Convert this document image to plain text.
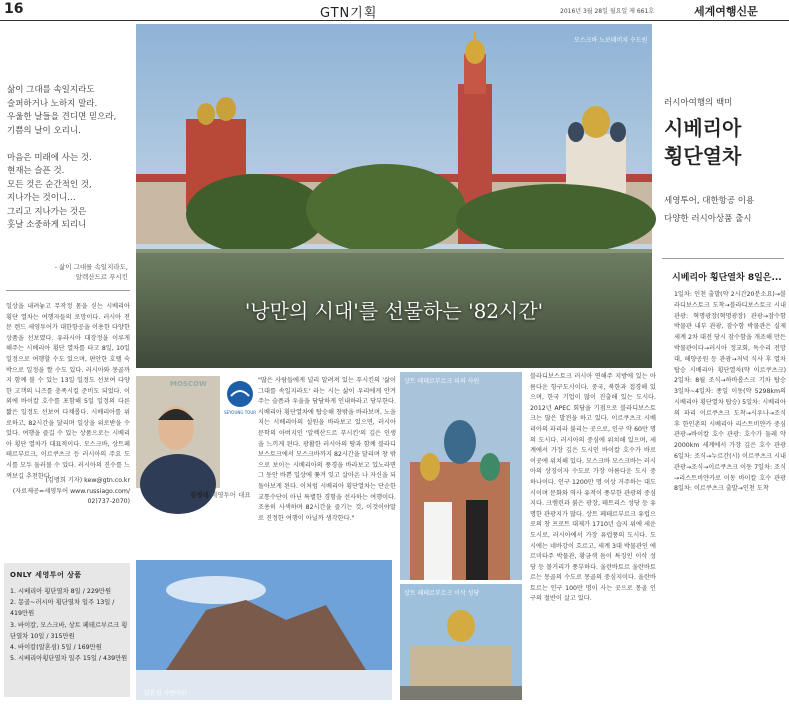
16	GTN기획	2016년 3월 28일 월요일 제 661호	세계여행신문
삶이 그대를 속일지라도
슬퍼하거나 노하지 말라.
우울한 날들을 견디면 믿으라,
기쁨의 날이 오리니.

마음은 미래에 사는 것.
현재는 슬픈 것.
모든 것은 순간적인 것,
지나가는 것이니…
그리고 지나가는 것은
훗날 소중하게 되리니
- 삶이 그대를 속일지라도,
알렉산드르 푸시킨
일상을 내려놓고 무작정 몸을 싣는 시베리아 횡단 열차는 여행자들의 로망이다. 러시아 전문 랜드 세영투어가 대한항공을 이용한 다양한 상품을 선보였다. 유라시아 대장정을 이루게 해주는 시베리아 횡단 열차를 타고 8일, 10일 일정으로 여행할 수도 있으며, 편안한 호텔 숙박으로 일정을 짤 수도 있다. 러시아와 몽골까지 함께 볼 수 있는 13일 일정도 선보여 다양한 고객의 니즈를 충족시킬 준비도 되었다. 이외에 바이칼 호수를 포함해 5일 일정의 다른 짧은 일정도 선보여 다채롭다. 시베리아를 위로하고, 82시간을 달리며 일상을 위로받을 수 있다. 여행을 즐길 수 있는 상품으로는 시베리아 횡단 열차가 대표적이다. 모스크바, 상트페테르부르크, 이르쿠츠크 등 러시아의 주요 도시를 모두 둘러볼 수 있다. 러시아의 진수를 느껴보길 추천한다.
(김명희 기자) kew@gtn.co.kr
(자료제공=세영투어 www.russiago.com/
02)737-2070)
모스크바 노보데비치 수도원
'낭만의 시대'를 선물하는 '82시간'
러시아여행의 백미
시베리아
횡단열차
세영투어, 대한항공 이용
다양한 러시아상품 출시
시베리아 횡단열차 8일은...
1일차: 인천 출발(약 2시간20분소요)→블라디보스토크 도착→블라디보스토크 시내 관광: 혁명광장(혁명광장) 관광→잠수함 박물관 내부 관광, 잠수함 박물관은 실제 세계 2차 대전 당시 잠수함을 개조해 만든 박물관이다→러시아 정교회, 독수리 전망대, 해양공원 등 관광→저녁 식사 후 열차 탑승 시베리아 횡단열차(약 이르쿠츠크) 2일차: 8월 조식→하바롭스크 기차 탑승 3일차~4일차: 종일 이동(약 5298km의 시베리아 횡단열차 탑승) 5일차: 시베리아의 파리 이르쿠츠크 도착→시우나→조식 후 한인촌의 시베리아 리스트비얀카 중심 관광→바이칼 호수 관광: 호수가 둘레 약 2000km 세계에서 가장 깊은 호수 관광 6일차: 조식→누르간(시) 이르쿠츠크 시내관광→조식→이르쿠츠크 이동 7일차: 조식→리스트비얀카로 이동 바이칼 호수 관광 8일차: 이르쿠츠크 출발→인천 도착
MOSCOW
김영래 세영투어 대표
SEYOUNG TOUR
"많은 사람들에게 널리 알려져 있는 푸시킨의 '삶이 그대를 속일지라도' 라는 시는 삶이 우리에게 안겨주는 슬픔과 우울을 담담하게 인내하라고 당부한다. 시베리아 횡단열차에 탑승해 창밖을 바라보며, 노을 지는 시베리아의 설원을 바라보고 있으면, 러시아 문학의 아버지인 '알렉산드르 푸시킨'의 깊은 인생을 느끼게 된다. 광활한 러시아의 땅과 함께 블라디보스토크에서 모스크바까지 82시간을 달리며 창 밖으로 보이는 시베리아의 풍경을 바라보고 있노라면 그 동안 바쁜 일상에 쫓겨 잊고 살아온 나 자신을 되돌아보게 된다. 이처럼 시베리아 횡단열차는 단순한 교통수단이 아닌 특별한 경험을 선사하는 여행이다. 조용히 사색하며 82시간을 즐기는 것, 이것이야말로 진정한 여행이 아닐까 생각한다."
상트 페테르부르크 피의 사원
블라디보스토크 러시아 연해주 지방에 있는 아름다운 항구도시이다. 중국, 북한과 접경해 있으며, 한국 기업이 많이 진출해 있는 도시다. 2012년 APEC 회담을 기점으로 블라디보스토크는 많은 발전을 하고 있다. 이르쿠츠크 시베리아의 파리라 불리는 곳으로, 인구 약 60만 명의 도시다. 러시아의 중심에 위치해 있으며, 세계에서 가장 깊은 도시인 바이칼 호수가 바로 이곳에 위치해 있다. 모스크바 모스크바는 러시아의 상징이자 수도로 가장 아름다운 도시 중 하나이다. 인구 1200만 명 이상 거주하는 대도시이며 문화와 역사 유적이 풍부한 관광의 중심지다. 크렘린과 붉은 광장, 테트리스 성당 등 유명한 관광지가 많다. 상트 페테르부르크 유럽으로의 창 프로트 대제가 1710년 습지 위에 세운 도시로, 러시아에서 가장 유럽풍의 도시다. 도시에는 네바강이 흐르고, 세계 3대 박물관인 에르미타주 박물관, 황금색 돔이 특징인 이삭 성당 등 볼거리가 풍부하다. 울란바토르 울란바토르는 몽골의 수도로 몽골의 중심지이다. 울란바토르는 인구 100만 명이 사는 곳으로 몽골 인구의 절반이 살고 있다.
상트 페테르부르크 이삭 성당
ONLY 세영투어 상품
1. 시베리아 횡단열차 8일 / 229만원
2. 몽골~러시아 횡단열차 일주 13일 / 419만원
3. 바이칼, 모스크바, 상트 페테르부르크 횡단열차 10일 / 315만원
4. 바이칼(알혼섬) 5일 / 169만원
5. 시베리아횡단열차 일주 15일 / 439만원
알혼섬 샤먼바위
